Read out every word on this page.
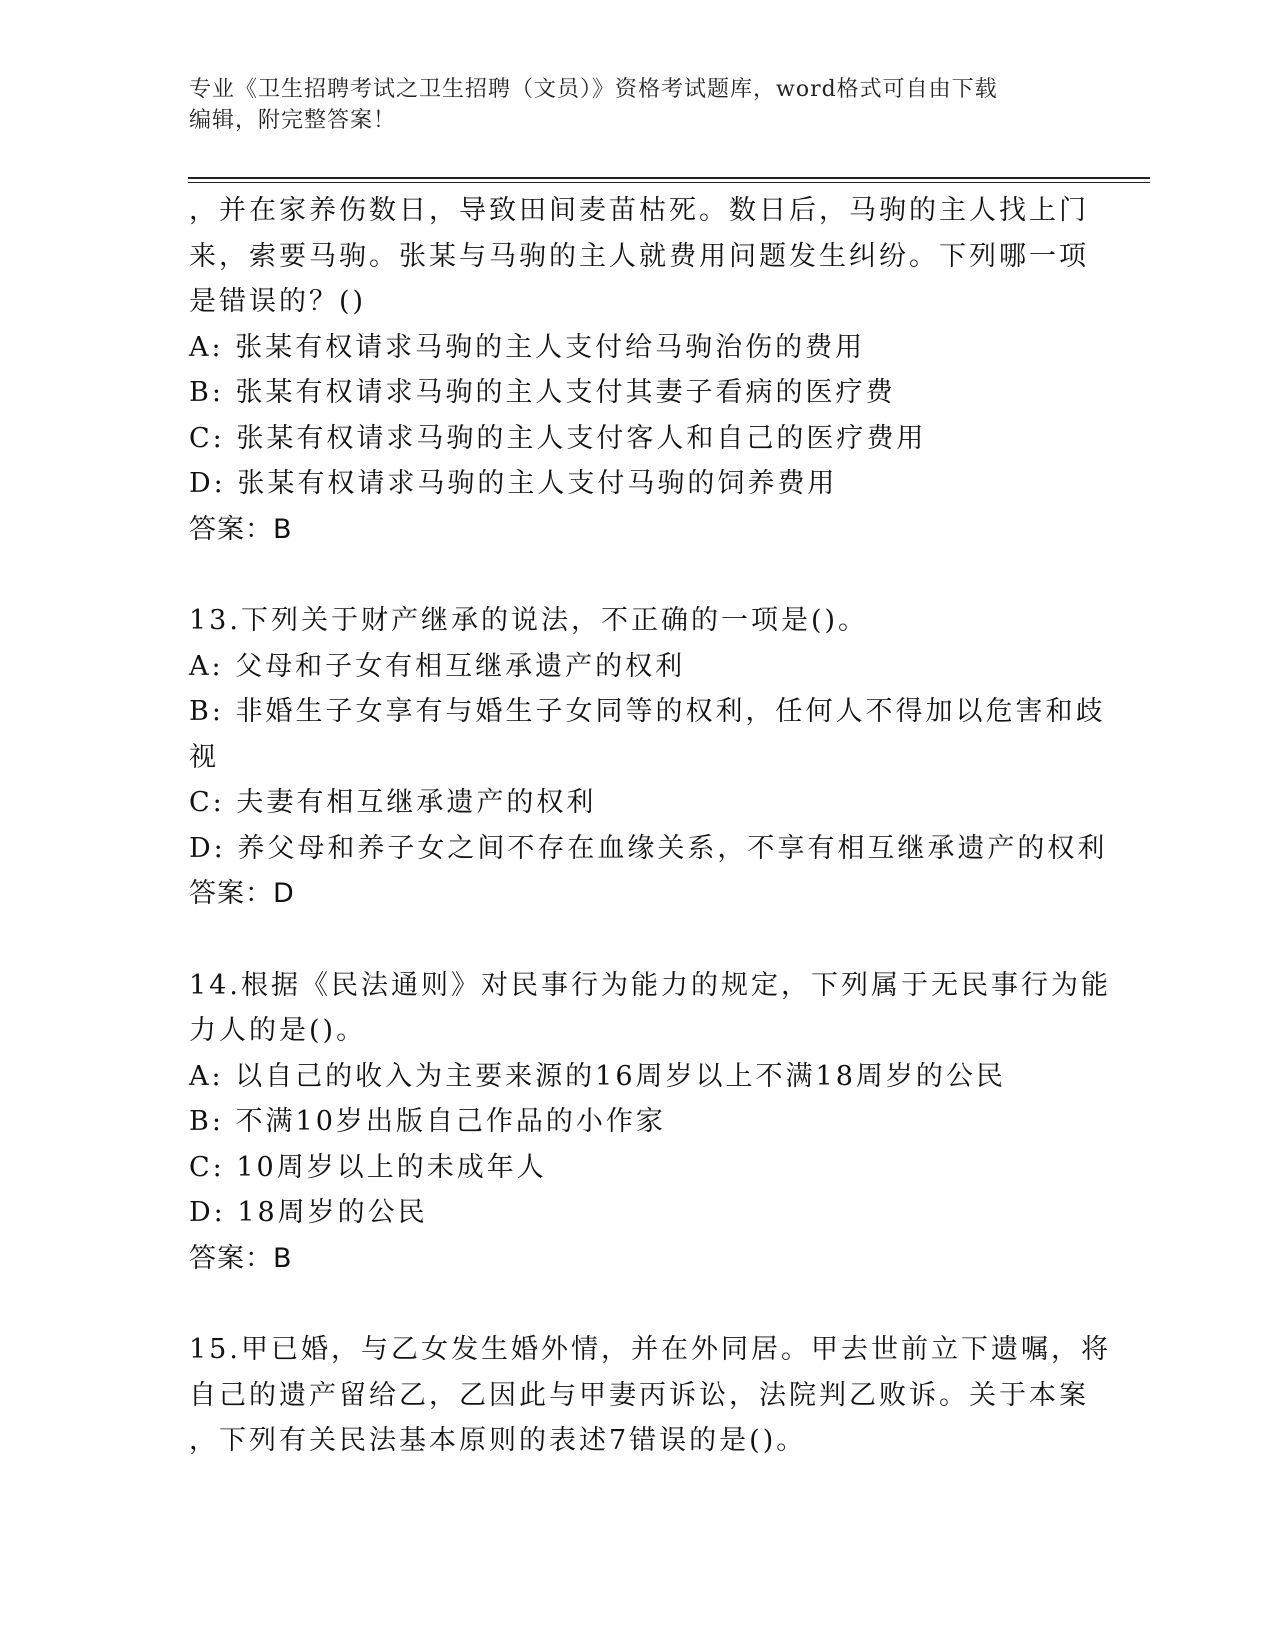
专业《卫生招聘考试之卫生招聘（文员）》资格考试题库，word格式可自由下载
编辑，附完整答案！
，并在家养伤数日，导致田间麦苗枯死。数日后，马驹的主人找上门
来，索要马驹。张某与马驹的主人就费用问题发生纠纷。下列哪一项
是错误的？()
A: 张某有权请求马驹的主人支付给马驹治伤的费用
B: 张某有权请求马驹的主人支付其妻子看病的医疗费
C: 张某有权请求马驹的主人支付客人和自己的医疗费用
D: 张某有权请求马驹的主人支付马驹的饲养费用
答案：B
13.下列关于财产继承的说法，不正确的一项是()。
A: 父母和子女有相互继承遗产的权利
B: 非婚生子女享有与婚生子女同等的权利，任何人不得加以危害和歧
视
C: 夫妻有相互继承遗产的权利
D: 养父母和养子女之间不存在血缘关系，不享有相互继承遗产的权利
答案：D
14.根据《民法通则》对民事行为能力的规定，下列属于无民事行为能
力人的是()。
A: 以自己的收入为主要来源的16周岁以上不满18周岁的公民
B: 不满10岁出版自己作品的小作家
C: 10周岁以上的未成年人
D: 18周岁的公民
答案：B
15.甲已婚，与乙女发生婚外情，并在外同居。甲去世前立下遗嘱，将
自己的遗产留给乙，乙因此与甲妻丙诉讼，法院判乙败诉。关于本案
，下列有关民法基本原则的表述7错误的是()。
